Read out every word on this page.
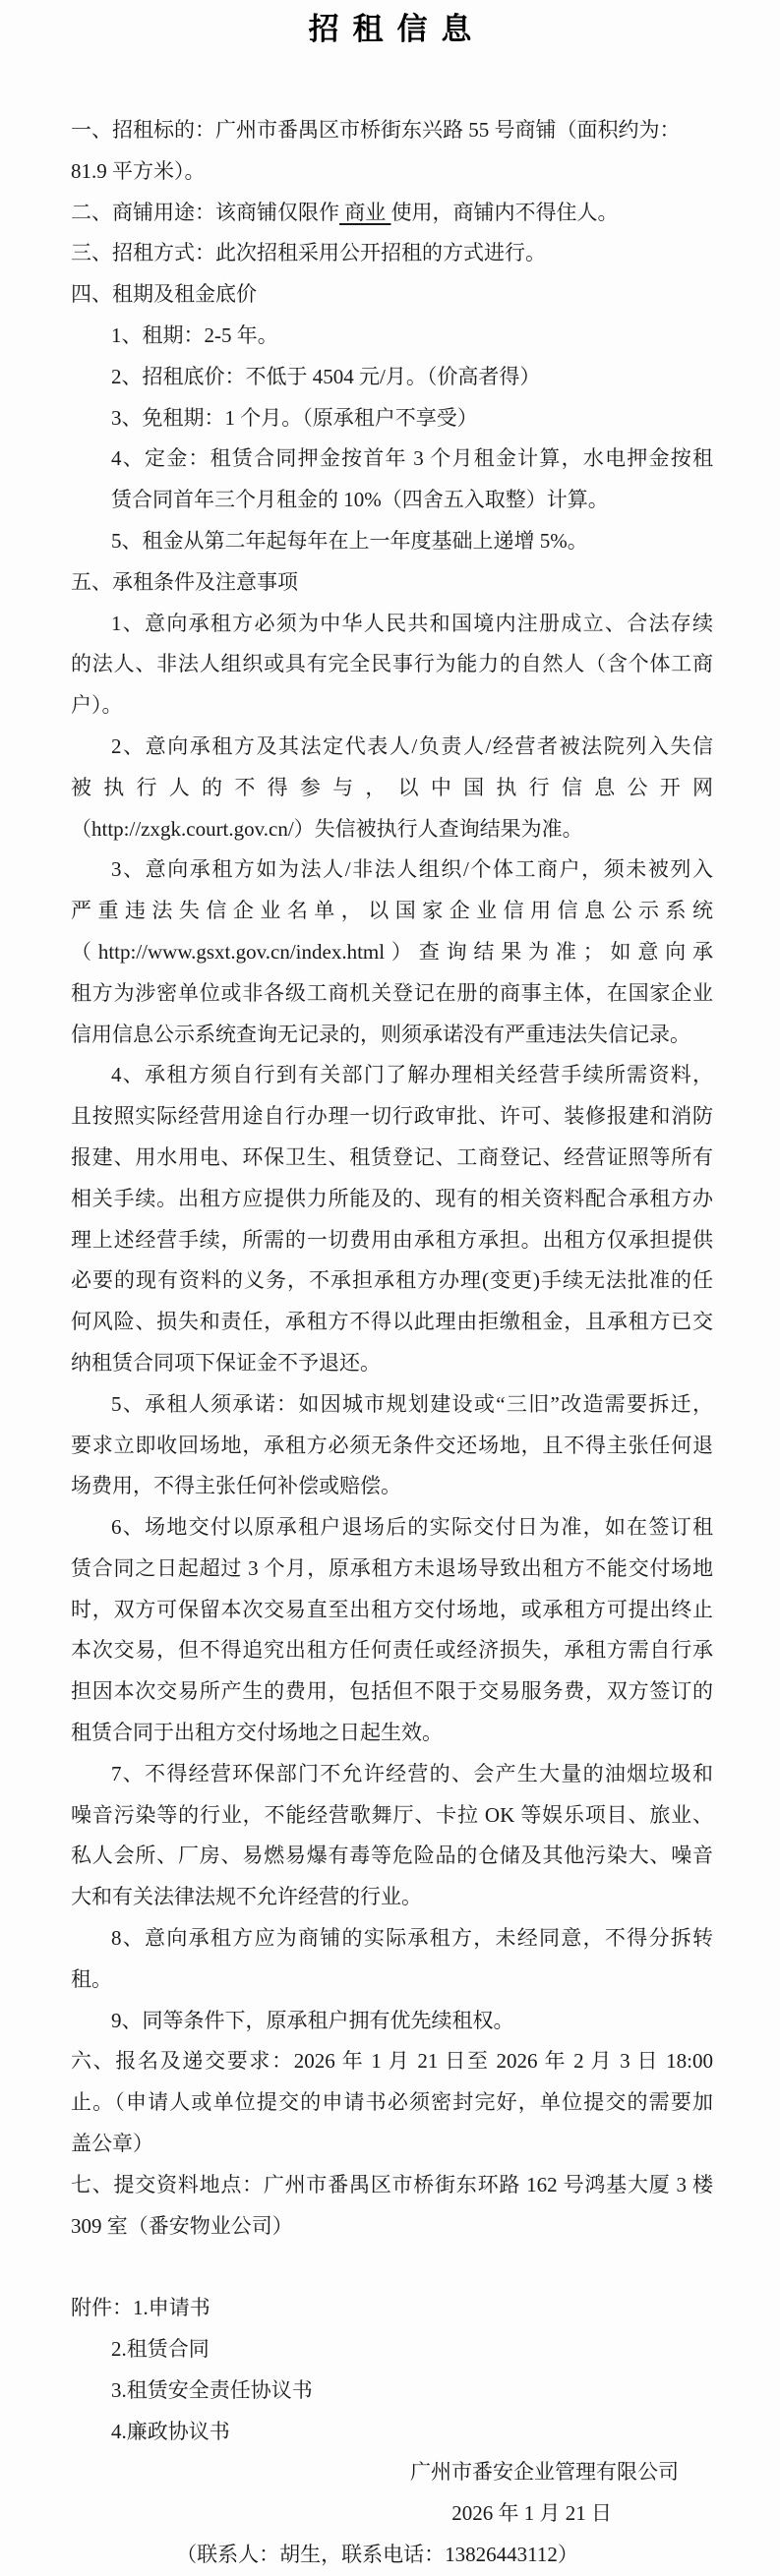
招租信息
一、招租标的：广州市番禺区市桥街东兴路 55 号商铺（面积约为：
81.9 平方米）。
二、商铺用途：该商铺仅限作 商业 使用，商铺内不得住人。
三、招租方式：此次招租采用公开招租的方式进行。
四、租期及租金底价
1、租期：2-5 年。
2、招租底价：不低于 4504 元/月。（价高者得）
3、免租期：1 个月。（原承租户不享受）
4、定金：租赁合同押金按首年 3 个月租金计算，水电押金按租
赁合同首年三个月租金的 10%（四舍五入取整）计算。
5、租金从第二年起每年在上一年度基础上递增 5%。
五、承租条件及注意事项
1、意向承租方必须为中华人民共和国境内注册成立、合法存续
的法人、非法人组织或具有完全民事行为能力的自然人（含个体工商
户）。
2、意向承租方及其法定代表人/负责人/经营者被法院列入失信
被执行人的不得参与，以中国执行信息公开网
（http://zxgk.court.gov.cn/）失信被执行人查询结果为准。
3、意向承租方如为法人/非法人组织/个体工商户，须未被列入
严重违法失信企业名单，以国家企业信用信息公示系统
（http://www.gsxt.gov.cn/index.html）查询结果为准；如意向承
租方为涉密单位或非各级工商机关登记在册的商事主体，在国家企业
信用信息公示系统查询无记录的，则须承诺没有严重违法失信记录。
4、承租方须自行到有关部门了解办理相关经营手续所需资料，
且按照实际经营用途自行办理一切行政审批、许可、装修报建和消防
报建、用水用电、环保卫生、租赁登记、工商登记、经营证照等所有
相关手续。出租方应提供力所能及的、现有的相关资料配合承租方办
理上述经营手续，所需的一切费用由承租方承担。出租方仅承担提供
必要的现有资料的义务，不承担承租方办理(变更)手续无法批准的任
何风险、损失和责任，承租方不得以此理由拒缴租金，且承租方已交
纳租赁合同项下保证金不予退还。
5、承租人须承诺：如因城市规划建设或“三旧”改造需要拆迁，
要求立即收回场地，承租方必须无条件交还场地，且不得主张任何退
场费用，不得主张任何补偿或赔偿。
6、场地交付以原承租户退场后的实际交付日为准，如在签订租
赁合同之日起超过 3 个月，原承租方未退场导致出租方不能交付场地
时，双方可保留本次交易直至出租方交付场地，或承租方可提出终止
本次交易，但不得追究出租方任何责任或经济损失，承租方需自行承
担因本次交易所产生的费用，包括但不限于交易服务费，双方签订的
租赁合同于出租方交付场地之日起生效。
7、不得经营环保部门不允许经营的、会产生大量的油烟垃圾和
噪音污染等的行业，不能经营歌舞厅、卡拉 OK 等娱乐项目、旅业、
私人会所、厂房、易燃易爆有毒等危险品的仓储及其他污染大、噪音
大和有关法律法规不允许经营的行业。
8、意向承租方应为商铺的实际承租方，未经同意，不得分拆转
租。
9、同等条件下，原承租户拥有优先续租权。
六、报名及递交要求：2026 年 1 月 21 日至 2026 年 2 月 3 日 18:00
止。（申请人或单位提交的申请书必须密封完好，单位提交的需要加
盖公章）
七、提交资料地点：广州市番禺区市桥街东环路 162 号鸿基大厦 3 楼
309 室（番安物业公司）

附件：1.申请书
2.租赁合同
3.租赁安全责任协议书
4.廉政协议书
广州市番安企业管理有限公司
2026 年 1 月 21 日
（联系人：胡生，联系电话：13826443112）
